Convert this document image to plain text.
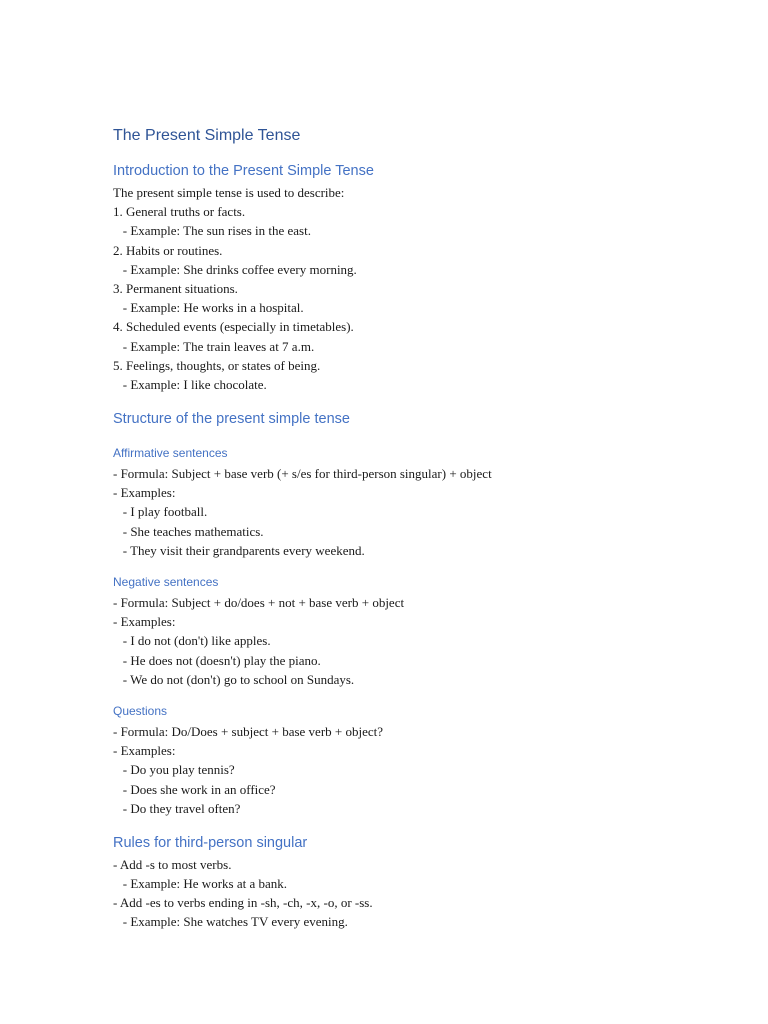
The Present Simple Tense
Introduction to the Present Simple Tense
The present simple tense is used to describe:
1. General truths or facts.
- Example: The sun rises in the east.
2. Habits or routines.
- Example: She drinks coffee every morning.
3. Permanent situations.
- Example: He works in a hospital.
4. Scheduled events (especially in timetables).
- Example: The train leaves at 7 a.m.
5. Feelings, thoughts, or states of being.
- Example: I like chocolate.
Structure of the present simple tense
Affirmative sentences
- Formula: Subject + base verb (+ s/es for third-person singular) + object
- Examples:
- I play football.
- She teaches mathematics.
- They visit their grandparents every weekend.
Negative sentences
- Formula: Subject + do/does + not + base verb + object
- Examples:
- I do not (don't) like apples.
- He does not (doesn't) play the piano.
- We do not (don't) go to school on Sundays.
Questions
- Formula: Do/Does + subject + base verb + object?
- Examples:
- Do you play tennis?
- Does she work in an office?
- Do they travel often?
Rules for third-person singular
- Add -s to most verbs.
- Example: He works at a bank.
- Add -es to verbs ending in -sh, -ch, -x, -o, or -ss.
- Example: She watches TV every evening.
